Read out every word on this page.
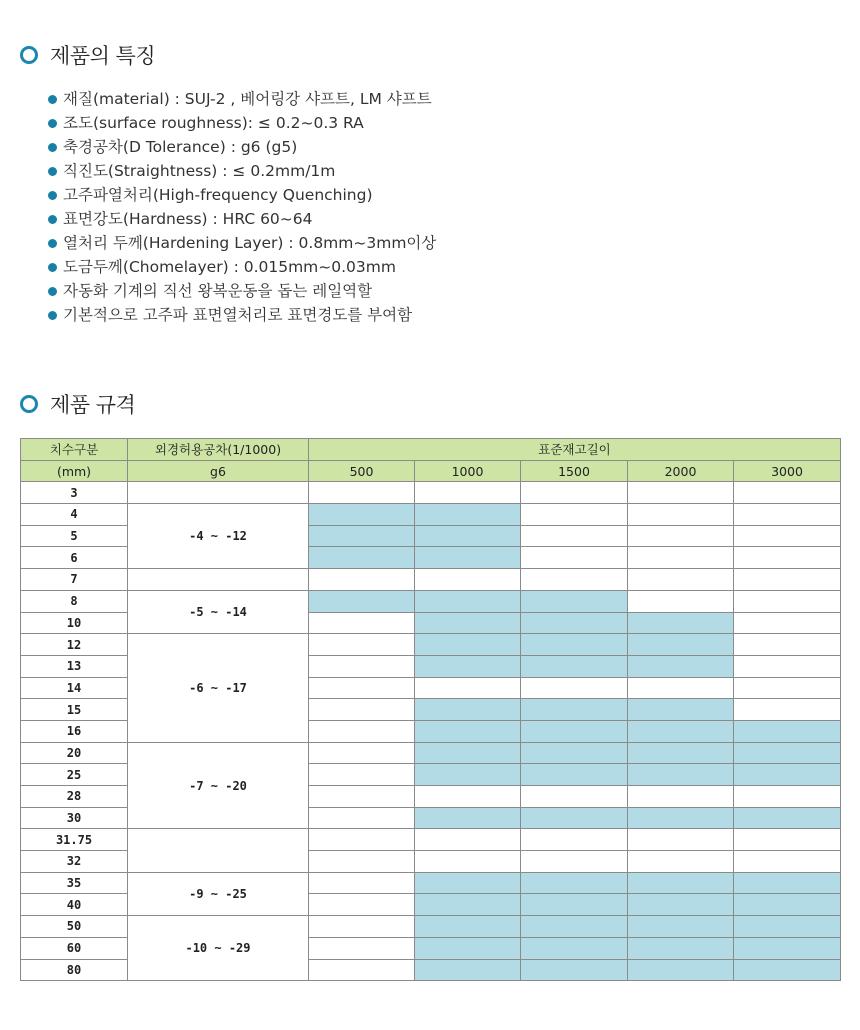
제품의 특징
재질(material) : SUJ-2 , 베어링강 샤프트, LM 샤프트
조도(surface roughness): ≤ 0.2~0.3 RA
축경공차(D Tolerance) : g6 (g5)
직진도(Straightness) : ≤ 0.2mm/1m
고주파열처리(High-frequency Quenching)
표면강도(Hardness) : HRC 60~64
열처리 두께(Hardening Layer) : 0.8mm~3mm이상
도금두께(Chomelayer) : 0.015mm~0.03mm
자동화 기계의 직선 왕복운동을 돕는 레일역할
기본적으로 고주파 표면열처리로 표면경도를 부여함
제품 규격
치수구분	외경허용공차(1/1000)	표준재고길이				
(mm)	g6	500	1000	1500	2000	3000
3						
4	-4 ~ -12					
5						
6						
7						
8	-5 ~ -14					
10						
12	-6 ~ -17					
13						
14						
15						
16						
20	-7 ~ -20					
25						
28						
30						
31.75						
32						
35	-9 ~ -25					
40						
50	-10 ~ -29					
60						
80						
